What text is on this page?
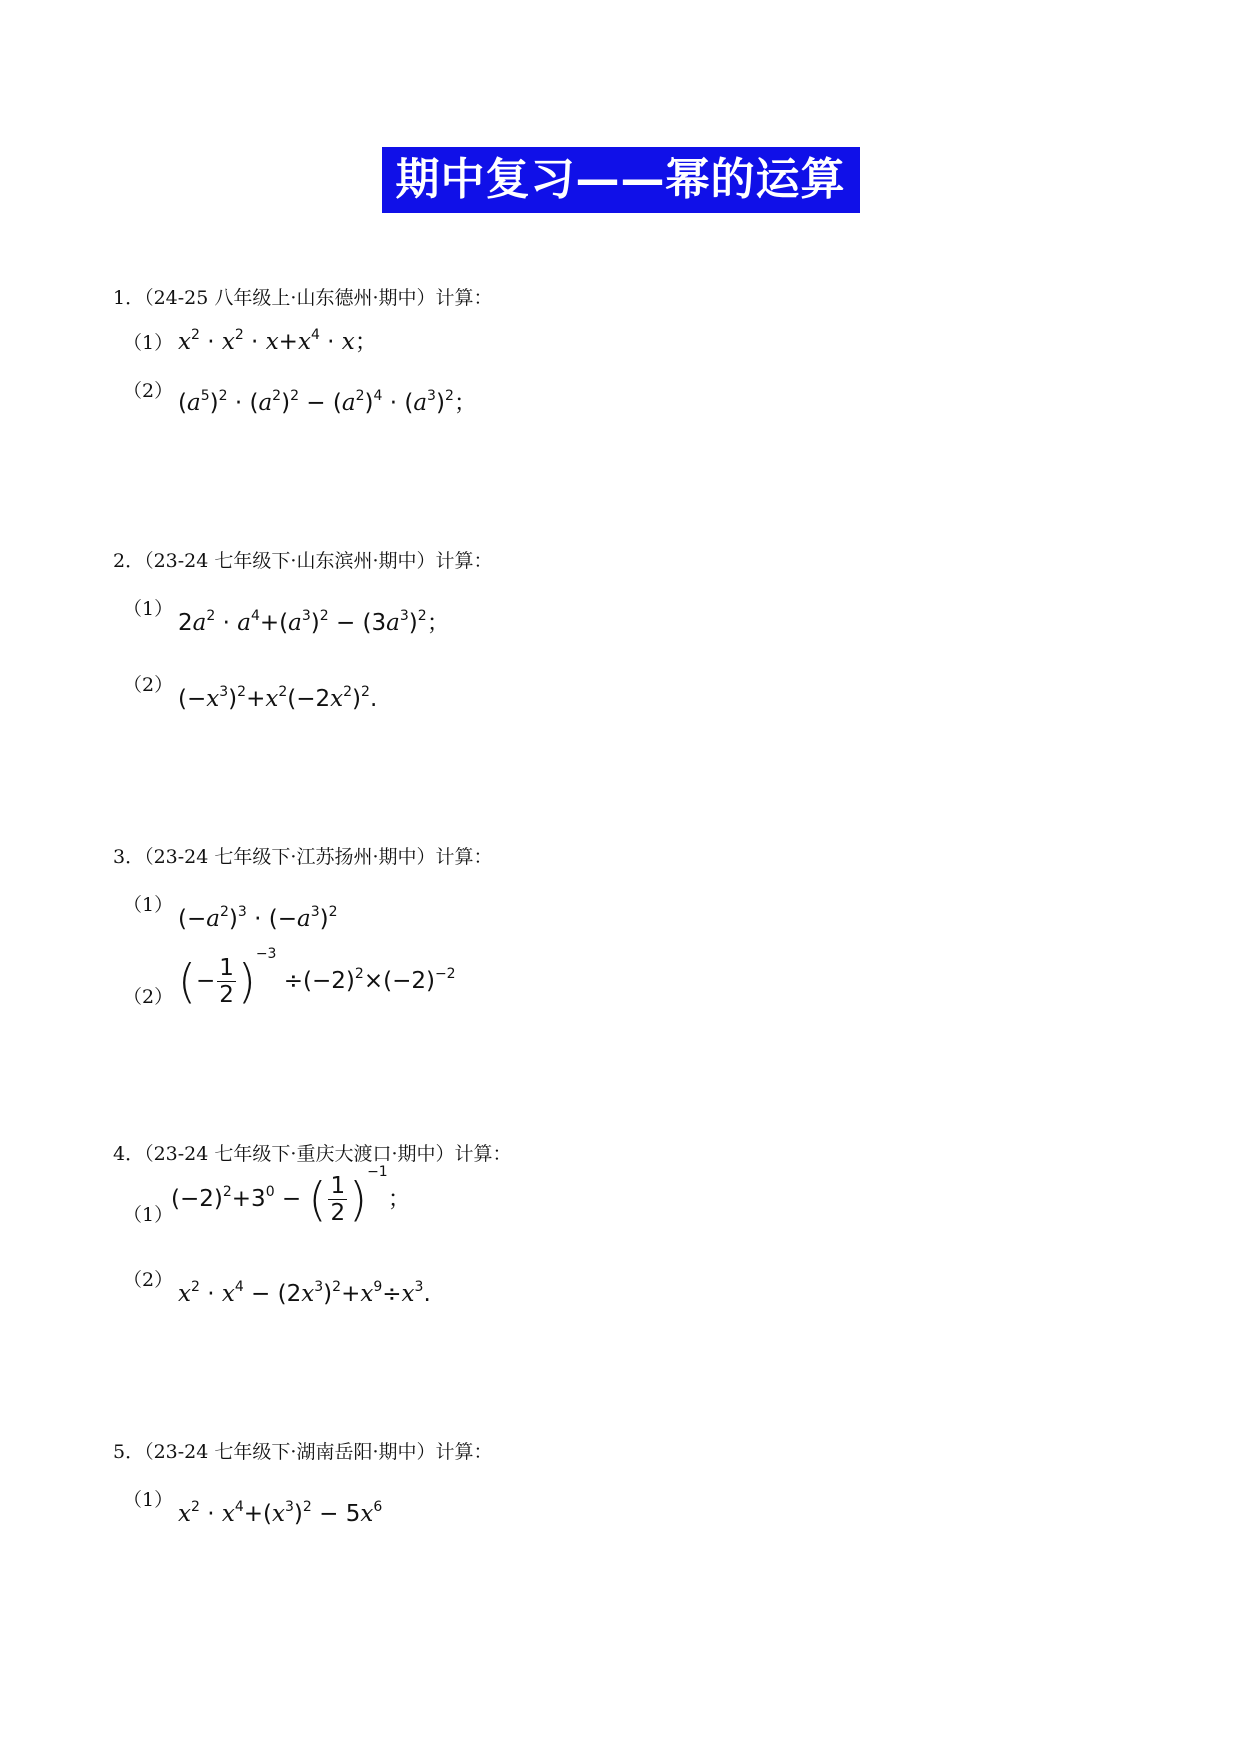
期中复习——幂的运算
1．（24-25 八年级上·山东德州·期中）计算：
（1） $x^2 \cdot x^2 \cdot x+x^4 \cdot x$；
（2） $(a^5)^2 \cdot (a^2)^2 - (a^2)^4 \cdot (a^3)^2$；
2．（23-24 七年级下·山东滨州·期中）计算：
（1）
$2a^2 \cdot a^4+(a^3)^2 - (3a^3)^2$；
（2）
$(-x^3)^2+x^2(-2x^2)^2$.
3．（23-24 七年级下·江苏扬州·期中）计算：
（1）
$(-a^2)^3 \cdot (-a^3)^2$
（2） (− $\frac{1}{2} )^{-3} \div(-2)^2\times(-2)^{-2}$
4．（23-24 七年级下·重庆大渡口·期中）计算：
（1）
$(-2)^2+3^0$ − ( $\frac{1}{2} )^{-1}$；
（2）
$x^2 \cdot x^4 - (2x^3)^2+x^9\div x^3$.
5．（23-24 七年级下·湖南岳阳·期中）计算：
（1）
$x^2 \cdot x^4+(x^3)^2 - 5x^6$
